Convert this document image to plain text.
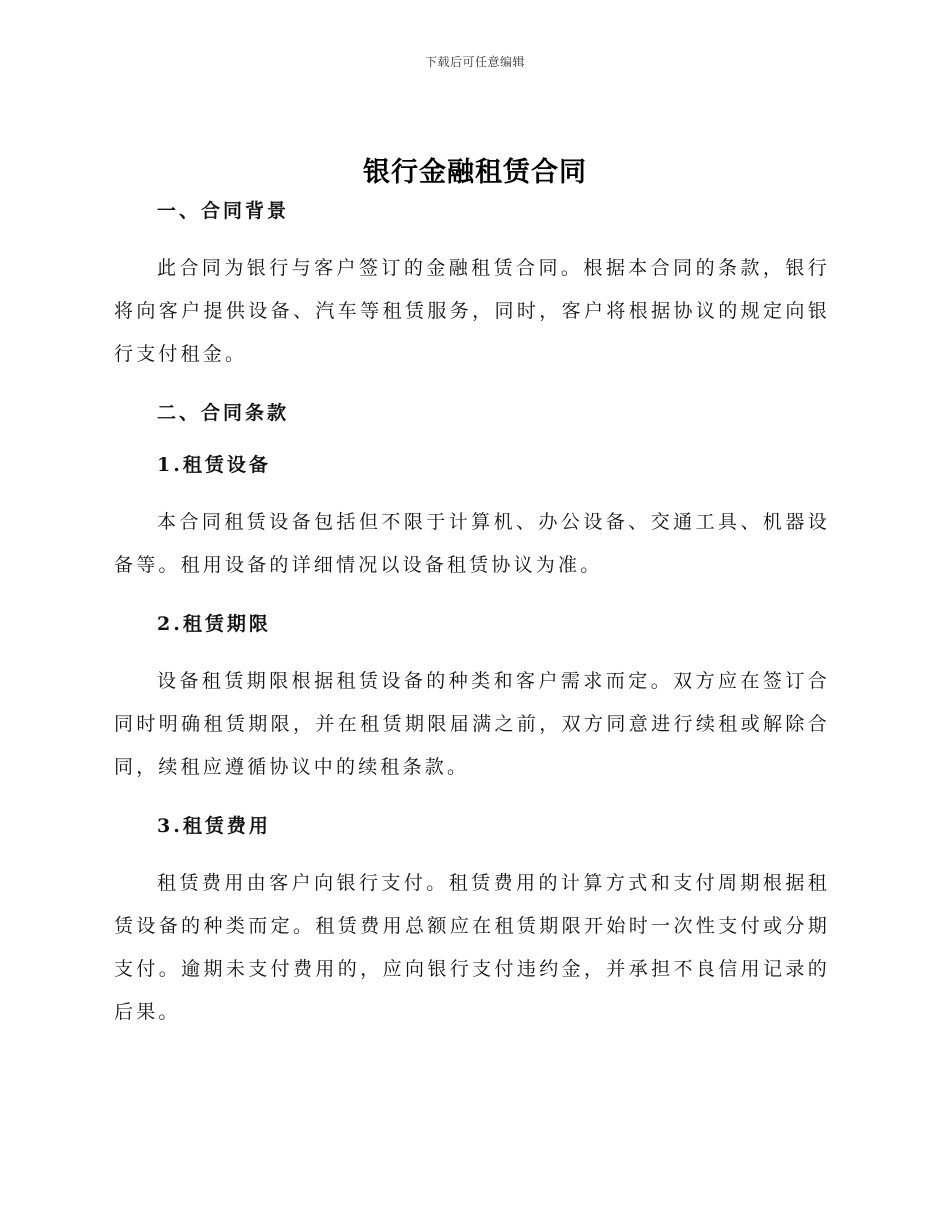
下载后可任意编辑
银行金融租赁合同
一、合同背景

此合同为银行与客户签订的金融租赁合同。根据本合同的条款，银行将向客户提供设备、汽车等租赁服务，同时，客户将根据协议的规定向银行支付租金。

二、合同条款
1.租赁设备

本合同租赁设备包括但不限于计算机、办公设备、交通工具、机器设备等。租用设备的详细情况以设备租赁协议为准。

2.租赁期限

设备租赁期限根据租赁设备的种类和客户需求而定。双方应在签订合同时明确租赁期限，并在租赁期限届满之前，双方同意进行续租或解除合同，续租应遵循协议中的续租条款。

3.租赁费用

租赁费用由客户向银行支付。租赁费用的计算方式和支付周期根据租赁设备的种类而定。租赁费用总额应在租赁期限开始时一次性支付或分期支付。逾期未支付费用的，应向银行支付违约金，并承担不良信用记录的后果。
